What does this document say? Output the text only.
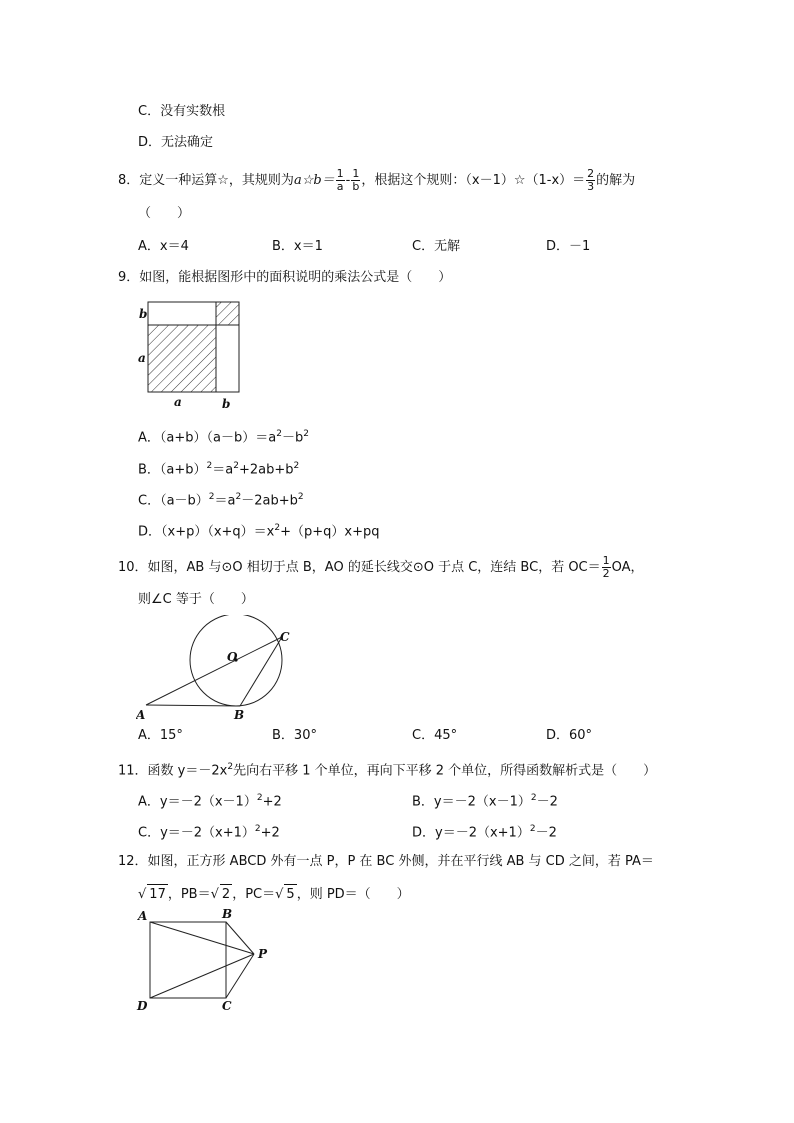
C．没有实数根
D．无法确定
8．定义一种运算☆，其规则为a☆b＝ $\frac{1}{a} - \frac{1}{b}$ ，根据这个规则：（x－1）☆（1-x）＝ $\frac{2}{3}$ 的解为
（　　）
A．x＝4	B．x＝1	C．无解	D．－1
9．如图，能根据图形中的面积说明的乘法公式是（　　）
b
a
a	b
A．$(a+b)(a-b)=a^2-b^2$
B．$(a+b)^2=a^2+2ab+b^2$
C．$(a-b)^2=a^2-2ab+b^2$
D．$(x+p)(x+q)=x^2+(p+q)x+pq$
10．如图，AB 与⊙O 相切于点 B，AO 的延长线交⊙O 于点 C，连结 BC，若 $OC= \frac{1}{2}$ OA，
则∠C 等于（　　）
O
C
A	B
A．15°	B．30°	C．45°	D．60°
11．函数 $y=-2x^2$先向右平移 1 个单位，再向下平移 2 个单位，所得函数解析式是（　　）
A．$y=-2(x-1)^2+2$	B．$y=-2(x-1)^2-2$
C．$y=-2(x+1)^2+2$	D．$y=-2(x+1)^2-2$
12．如图，正方形 ABCD 外有一点 P，P 在 BC 外侧，并在平行线 AB 与 CD 之间，若 PA＝
√ 17 ，PB＝√ 2 ，PC＝√ 5 ，则 PD＝（　　）
A	B
P
D	C
